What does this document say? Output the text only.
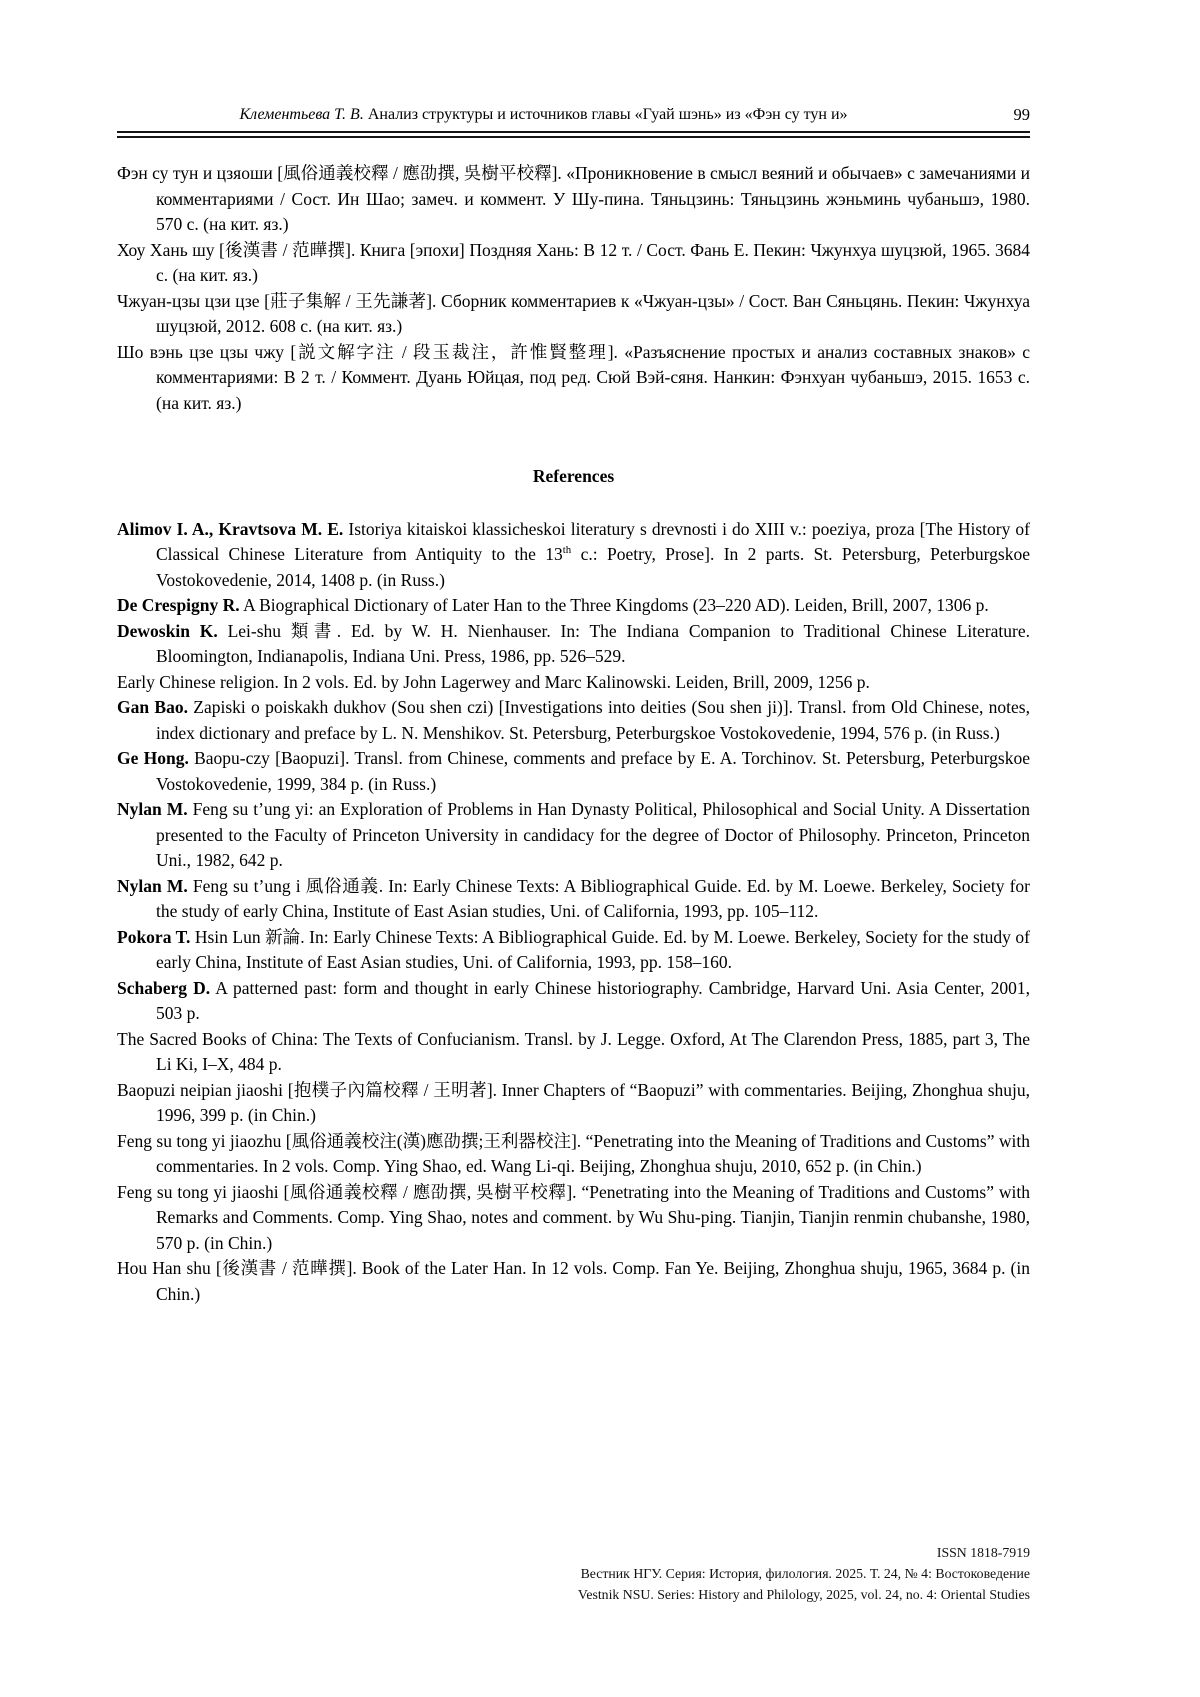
Клементьева Т. В. Анализ структуры и источников главы «Гуай шэнь» из «Фэн су тун и»	99

Фэн су тун и цзяоши [風俗通義校釋 / 應劭撰, 吳樹平校釋]. «Проникновение в смысл веяний и обычаев» с замечаниями и комментариями / Сост. Ин Шао; замеч. и коммент. У Шу-пина. Тяньцзинь: Тяньцзинь жэньминь чубаньшэ, 1980. 570 с. (на кит. яз.)

Хоу Хань шу [後漢書 / 范曄撰]. Книга [эпохи] Поздняя Хань: В 12 т. / Сост. Фань Е. Пекин: Чжунхуа шуцзюй, 1965. 3684 с. (на кит. яз.)

Чжуан-цзы цзи цзе [莊子集解 / 王先謙著]. Сборник комментариев к «Чжуан-цзы» / Сост. Ван Сяньцянь. Пекин: Чжунхуа шуцзюй, 2012. 608 с. (на кит. яз.)

Шо вэнь цзе цзы чжу [説文解字注 / 段玉裁注，許惟賢整理]. «Разъяснение простых и анализ составных знаков» с комментариями: В 2 т. / Коммент. Дуань Юйцая, под ред. Сюй Вэй-сяня. Нанкин: Фэнхуан чубаньшэ, 2015. 1653 с. (на кит. яз.)

References

Alimov I. A., Kravtsova M. E. Istoriya kitaiskoi klassicheskoi literatury s drevnosti i do XIII v.: poeziya, proza [The History of Classical Chinese Literature from Antiquity to the 13th c.: Poetry, Prose]. In 2 parts. St. Petersburg, Peterburgskoe Vostokovedenie, 2014, 1408 p. (in Russ.)

De Crespigny R. A Biographical Dictionary of Later Han to the Three Kingdoms (23–220 AD). Leiden, Brill, 2007, 1306 p.

Dewoskin K. Lei-shu 類書. Ed. by W. H. Nienhauser. In: The Indiana Companion to Traditional Chinese Literature. Bloomington, Indianapolis, Indiana Uni. Press, 1986, pp. 526–529.

Early Chinese religion. In 2 vols. Ed. by John Lagerwey and Marc Kalinowski. Leiden, Brill, 2009, 1256 p.

Gan Bao. Zapiski o poiskakh dukhov (Sou shen czi) [Investigations into deities (Sou shen ji)]. Transl. from Old Chinese, notes, index dictionary and preface by L. N. Menshikov. St. Petersburg, Peterburgskoe Vostokovedenie, 1994, 576 p. (in Russ.)

Ge Hong. Baopu-czy [Baopuzi]. Transl. from Chinese, comments and preface by E. A. Torchinov. St. Petersburg, Peterburgskoe Vostokovedenie, 1999, 384 p. (in Russ.)

Nylan M. Feng su t’ung yi: an Exploration of Problems in Han Dynasty Political, Philosophical and Social Unity. A Dissertation presented to the Faculty of Princeton University in candidacy for the degree of Doctor of Philosophy. Princeton, Princeton Uni., 1982, 642 p.

Nylan M. Feng su t’ung i 風俗通義. In: Early Chinese Texts: A Bibliographical Guide. Ed. by M. Loewe. Berkeley, Society for the study of early China, Institute of East Asian studies, Uni. of California, 1993, pp. 105–112.

Pokora T. Hsin Lun 新論. In: Early Chinese Texts: A Bibliographical Guide. Ed. by M. Loewe. Berkeley, Society for the study of early China, Institute of East Asian studies, Uni. of California, 1993, pp. 158–160.

Schaberg D. A patterned past: form and thought in early Chinese historiography. Cambridge, Harvard Uni. Asia Center, 2001, 503 p.

The Sacred Books of China: The Texts of Confucianism. Transl. by J. Legge. Oxford, At The Clarendon Press, 1885, part 3, The Li Ki, I–X, 484 p.

Baopuzi neipian jiaoshi [抱樸子內篇校釋 / 王明著]. Inner Chapters of “Baopuzi” with commentaries. Beijing, Zhonghua shuju, 1996, 399 p. (in Chin.)

Feng su tong yi jiaozhu [風俗通義校注(漢)應劭撰;王利器校注]. “Penetrating into the Meaning of Traditions and Customs” with commentaries. In 2 vols. Comp. Ying Shao, ed. Wang Li-qi. Beijing, Zhonghua shuju, 2010, 652 p. (in Chin.)

Feng su tong yi jiaoshi [風俗通義校釋 / 應劭撰, 吳樹平校釋]. “Penetrating into the Meaning of Traditions and Customs” with Remarks and Comments. Comp. Ying Shao, notes and comment. by Wu Shu-ping. Tianjin, Tianjin renmin chubanshe, 1980, 570 p. (in Chin.)

Hou Han shu [後漢書 / 范曄撰]. Book of the Later Han. In 12 vols. Comp. Fan Ye. Beijing, Zhonghua shuju, 1965, 3684 p. (in Chin.)

ISSN 1818-7919
Вестник НГУ. Серия: История, филология. 2025. Т. 24, № 4: Востоковедение
Vestnik NSU. Series: History and Philology, 2025, vol. 24, no. 4: Oriental Studies
